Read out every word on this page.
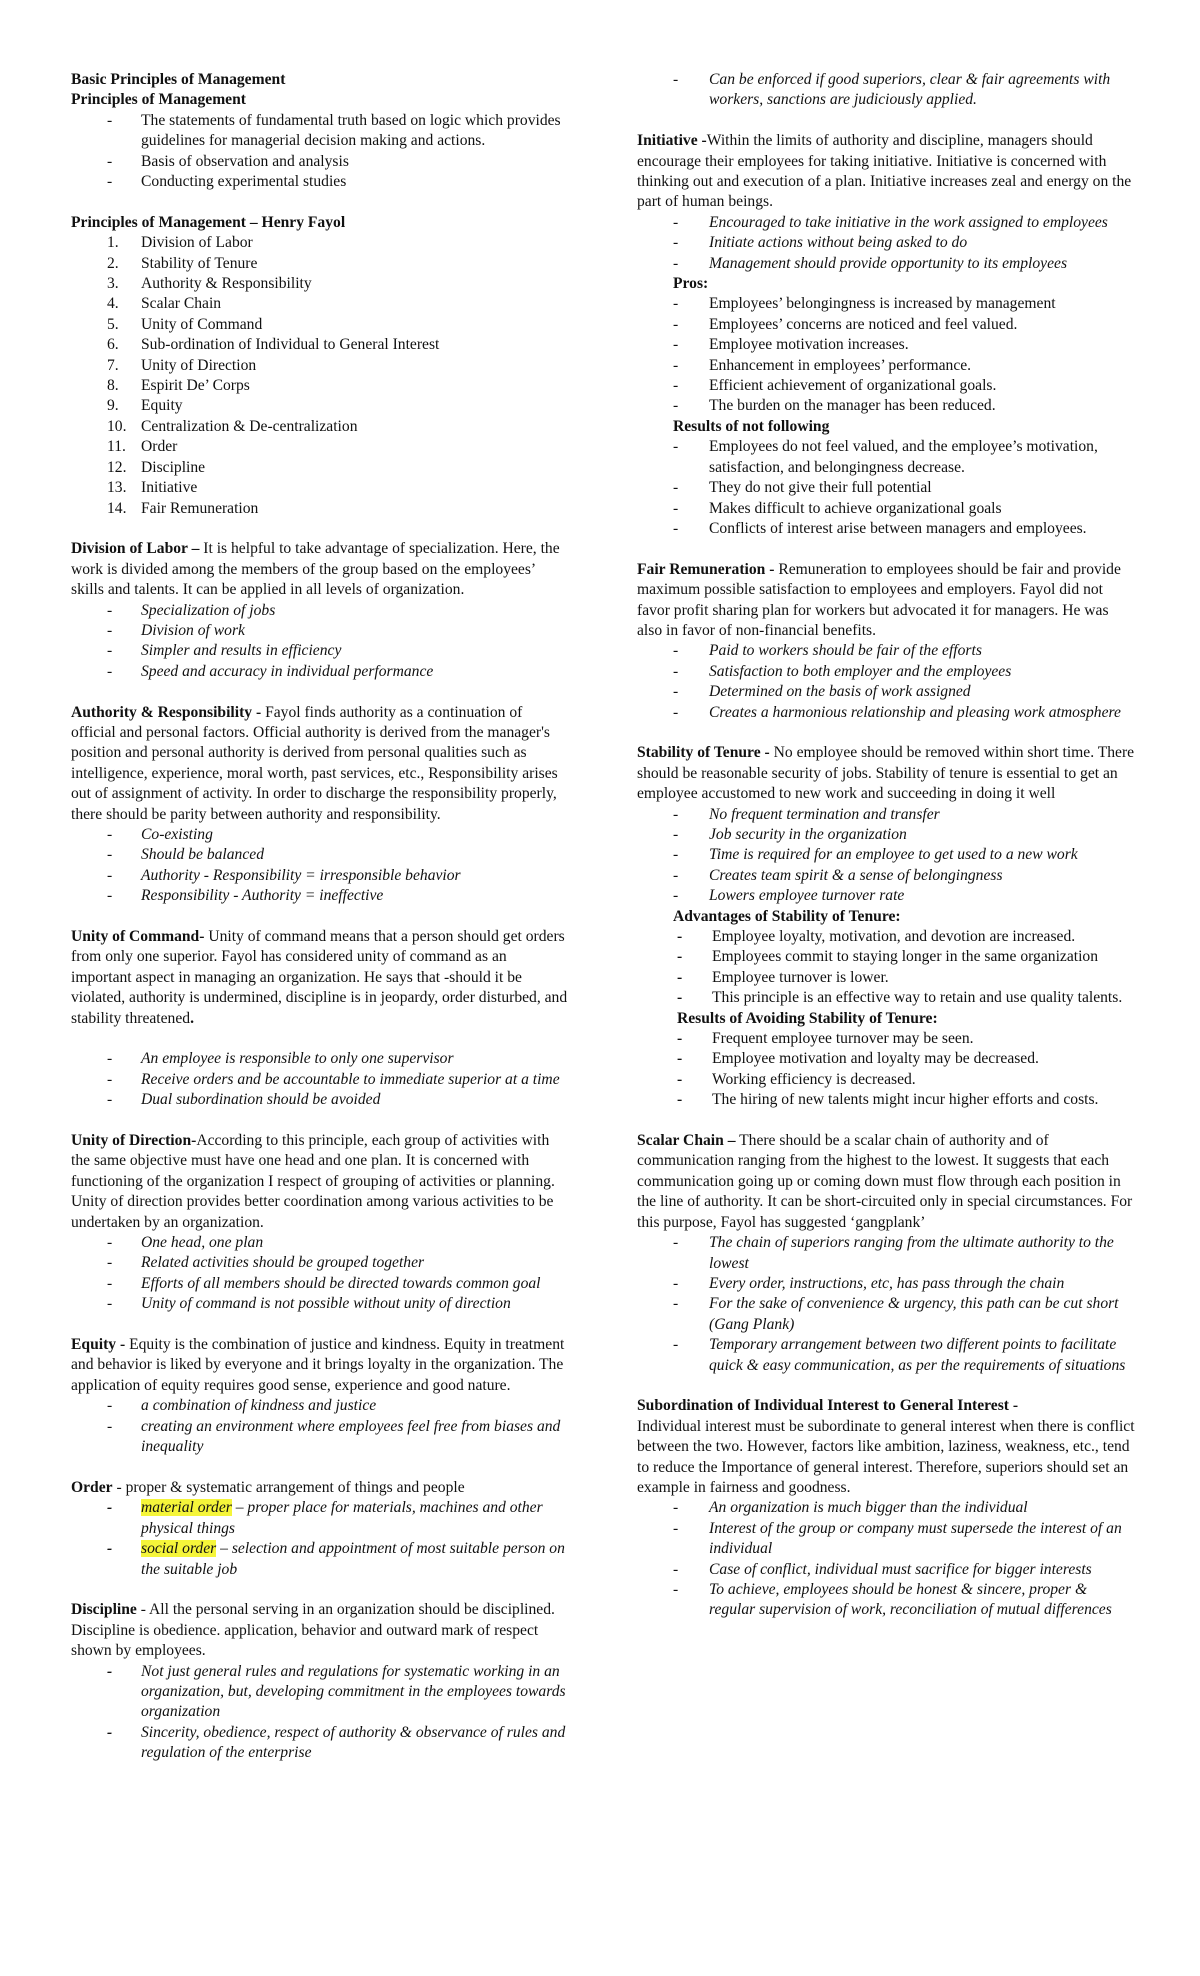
Basic Principles of Management
Principles of Management
- The statements of fundamental truth based on logic which provides guidelines for managerial decision making and actions.
- Basis of observation and analysis
- Conducting experimental studies
Principles of Management – Henry Fayol
1.	Division of Labor
2.	Stability of Tenure
3.	Authority & Responsibility
4.	Scalar Chain
5.	Unity of Command
6.	Sub-ordination of Individual to General Interest
7.	Unity of Direction
8.	Espirit De’ Corps
9.	Equity
10. Centralization & De-centralization
11. Order
12. Discipline
13. Initiative
14. Fair Remuneration
Division of Labor – It is helpful to take advantage of specialization. Here, the work is divided among the members of the group based on the employees’ skills and talents. It can be applied in all levels of organization.
- Specialization of jobs
- Division of work
- Simpler and results in efficiency
- Speed and accuracy in individual performance
Authority & Responsibility - Fayol finds authority as a continuation of official and personal factors. Official authority is derived from the manager's position and personal authority is derived from personal qualities such as intelligence, experience, moral worth, past services, etc., Responsibility arises out of assignment of activity. In order to discharge the responsibility properly, there should be parity between authority and responsibility.
- Co-existing
- Should be balanced
- Authority - Responsibility = irresponsible behavior
- Responsibility - Authority = ineffective
Unity of Command- Unity of command means that a person should get orders from only one superior. Fayol has considered unity of command as an important aspect in managing an organization. He says that -should it be violated, authority is undermined, discipline is in jeopardy, order disturbed, and stability threatened.
- An employee is responsible to only one supervisor
- Receive orders and be accountable to immediate superior at a time
- Dual subordination should be avoided
Unity of Direction-According to this principle, each group of activities with the same objective must have one head and one plan. It is concerned with functioning of the organization I respect of grouping of activities or planning. Unity of direction provides better coordination among various activities to be undertaken by an organization.
- One head, one plan
- Related activities should be grouped together
- Efforts of all members should be directed towards common goal
- Unity of command is not possible without unity of direction
Equity - Equity is the combination of justice and kindness. Equity in treatment and behavior is liked by everyone and it brings loyalty in the organization. The application of equity requires good sense, experience and good nature.
- a combination of kindness and justice
- creating an environment where employees feel free from biases and inequality
Order - proper & systematic arrangement of things and people
- material order – proper place for materials, machines and other physical things
- social order – selection and appointment of most suitable person on the suitable job
Discipline - All the personal serving in an organization should be disciplined. Discipline is obedience. application, behavior and outward mark of respect shown by employees.
- Not just general rules and regulations for systematic working in an organization, but, developing commitment in the employees towards organization
- Sincerity, obedience, respect of authority & observance of rules and regulation of the enterprise
- Can be enforced if good superiors, clear & fair agreements with workers, sanctions are judiciously applied.
Initiative -Within the limits of authority and discipline, managers should encourage their employees for taking initiative. Initiative is concerned with thinking out and execution of a plan. Initiative increases zeal and energy on the part of human beings.
- Encouraged to take initiative in the work assigned to employees
- Initiate actions without being asked to do
- Management should provide opportunity to its employees
Pros:
- Employees’ belongingness is increased by management
- Employees’ concerns are noticed and feel valued.
- Employee motivation increases.
- Enhancement in employees’ performance.
- Efficient achievement of organizational goals.
- The burden on the manager has been reduced.
Results of not following
- Employees do not feel valued, and the employee’s motivation, satisfaction, and belongingness decrease.
- They do not give their full potential
- Makes difficult to achieve organizational goals
- Conflicts of interest arise between managers and employees.
Fair Remuneration - Remuneration to employees should be fair and provide maximum possible satisfaction to employees and employers. Fayol did not favor profit sharing plan for workers but advocated it for managers. He was also in favor of non-financial benefits.
- Paid to workers should be fair of the efforts
- Satisfaction to both employer and the employees
- Determined on the basis of work assigned
- Creates a harmonious relationship and pleasing work atmosphere
Stability of Tenure - No employee should be removed within short time. There should be reasonable security of jobs. Stability of tenure is essential to get an employee accustomed to new work and succeeding in doing it well
- No frequent termination and transfer
- Job security in the organization
- Time is required for an employee to get used to a new work
- Creates team spirit & a sense of belongingness
- Lowers employee turnover rate
Advantages of Stability of Tenure:
- Employee loyalty, motivation, and devotion are increased.
- Employees commit to staying longer in the same organization
- Employee turnover is lower.
- This principle is an effective way to retain and use quality talents.
Results of Avoiding Stability of Tenure:
- Frequent employee turnover may be seen.
- Employee motivation and loyalty may be decreased.
- Working efficiency is decreased.
- The hiring of new talents might incur higher efforts and costs.
Scalar Chain – There should be a scalar chain of authority and of communication ranging from the highest to the lowest. It suggests that each communication going up or coming down must flow through each position in the line of authority. It can be short-circuited only in special circumstances. For this purpose, Fayol has suggested ‘gangplank’
- The chain of superiors ranging from the ultimate authority to the lowest
- Every order, instructions, etc, has pass through the chain
- For the sake of convenience & urgency, this path can be cut short (Gang Plank)
- Temporary arrangement between two different points to facilitate quick & easy communication, as per the requirements of situations
Subordination of Individual Interest to General Interest -
Individual interest must be subordinate to general interest when there is conflict between the two. However, factors like ambition, laziness, weakness, etc., tend to reduce the Importance of general interest. Therefore, superiors should set an example in fairness and goodness.
- An organization is much bigger than the individual
- Interest of the group or company must supersede the interest of an individual
- Case of conflict, individual must sacrifice for bigger interests
- To achieve, employees should be honest & sincere, proper & regular supervision of work, reconciliation of mutual differences
